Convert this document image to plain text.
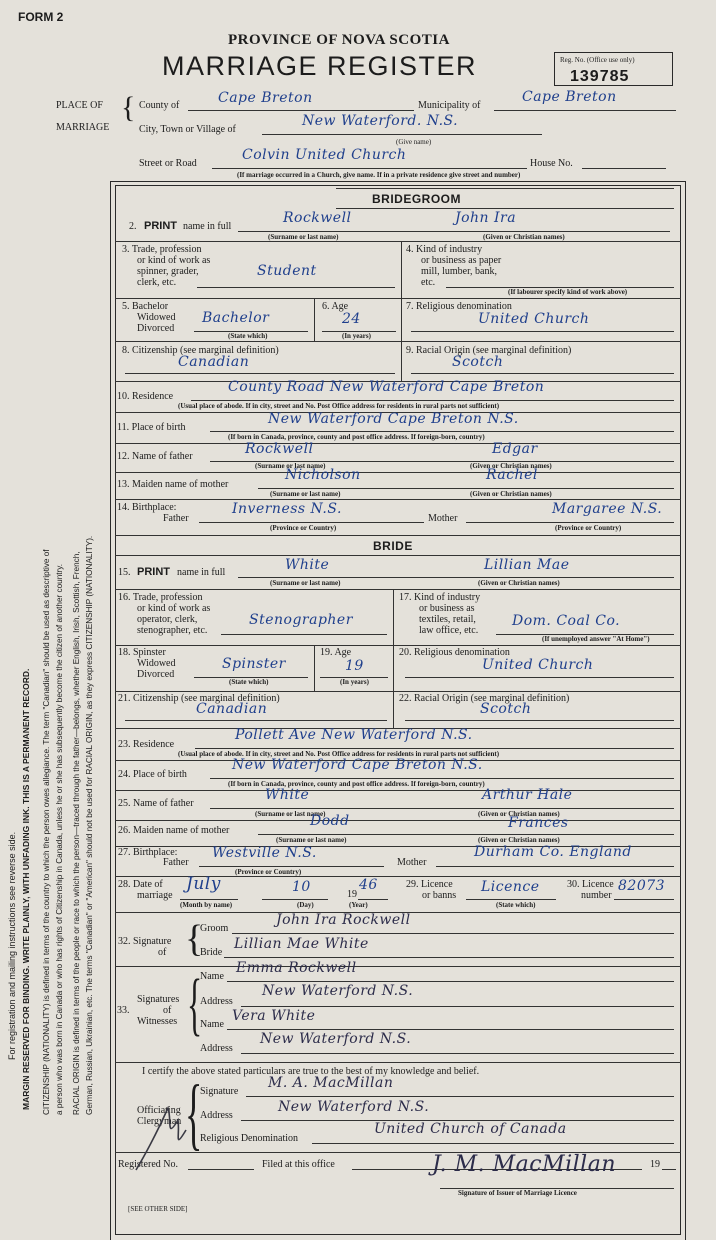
FORM 2
PROVINCE OF NOVA SCOTIA
MARRIAGE REGISTER	Reg. No. (Office use only)
139785
For registration and mailing instructions see reverse side. MARGIN RESERVED FOR BINDING. WRITE PLAINLY, WITH UNFADING INK. THIS IS A PERMANENT RECORD. CITIZENSHIP (NATIONALITY) is defined in terms of the country to which the person owes allegiance. The term "Canadian" should be used as descriptive of a person who was born in Canada or who has rights of Citizenship in Canada, unless he or she has subsequently become the citizen of another country. RACIAL ORIGIN is defined in terms of the people or race to which the person—traced through the father—belongs, whether English, Irish, Scottish, French, German, Russian, Ukrainian, etc. The terms "Canadian" or "American" should not be used for RACIAL ORIGIN, as they express CITIZENSHIP (NATIONALITY).
PLACE OF
MARRIAGE
{ County of	Cape Breton	Municipality of
Cape Breton
City, Town or Village of
New Waterford. N.S.
(Give name)
Street or Road
Colvin United Church
House No.
(If marriage occurred in a Church, give name. If in a private residence give street and number)
BRIDEGROOM
2. PRINT name in full
Rockwell	John Ira
(Surname or last name)	(Given or Christian names)
3. Trade, profession
or kind of work as
spinner, grader,
clerk, etc.
Student
4. Kind of industry
or business as paper
mill, lumber, bank,
etc.
(If labourer specify kind of work above)
5. Bachelor
Widowed
Divorced
Bachelor
(State which)
6. Age
24
(In years)
7. Religious denomination
United Church
8. Citizenship (see marginal definition)
Canadian
9. Racial Origin (see marginal definition)
Scotch
10. Residence
County Road New Waterford Cape Breton
(Usual place of abode. If in city, street and No. Post Office address for residents in rural parts not sufficient)
11. Place of birth
New Waterford Cape Breton N.S.
(If born in Canada, province, county and post office address. If foreign-born, country)
12. Name of father	Rockwell	Edgar
(Surname or last name)	(Given or Christian names)
13. Maiden name of mother
Nicholson	Rachel
(Surname or last name)	(Given or Christian names)
14. Birthplace:
Father
Inverness N.S.
Mother
Margaree N.S.
(Province or Country)	(Province or Country)
BRIDE
15. PRINT name in full	White	Lillian Mae
(Surname or last name)	(Given or Christian names)
16. Trade, profession
or kind of work as
operator, clerk,
stenographer, etc.
Stenographer
17. Kind of industry
or business as
textiles, retail,
law office, etc.
Dom. Coal Co.
(If unemployed answer "At Home")
18. Spinster
Widowed
Divorced
Spinster
(State which)
19. Age
19
(In years)
20. Religious denomination
United Church
21. Citizenship (see marginal definition)
Canadian
22. Racial Origin (see marginal definition)
Scotch
23. Residence
Pollett Ave New Waterford N.S.
(Usual place of abode. If in city, street and No. Post Office address for residents in rural parts not sufficient)
24. Place of birth
New Waterford Cape Breton N.S.
(If born in Canada, province, county and post office address. If foreign-born, country)
25. Name of father
White	Arthur Hale
(Surname or last name)	(Given or Christian names)
26. Maiden name of mother
Dodd	Frances
(Surname or last name)	(Given or Christian names)
27. Birthplace:
Father
Westville N.S.
Mother
Durham Co. England
(Province or Country)
28. Date of
marriage
July
(Month by name)
10
(Day)
19
46
(Year)
29. Licence
or banns
Licence
(State which)
30. Licence
number
82073
32. Signature
of {
Groom
John Ira Rockwell
Bride
Lillian Mae White
Signatures
of
Witnesses
33. {
Name
Emma Rockwell
Address
New Waterford N.S.
Name
Vera White
Address
New Waterford N.S.
I certify the above stated particulars are true to the best of my knowledge and belief.
Officiating
Clergyman {
Signature
M. A. MacMillan
Address
New Waterford N.S.
Religious Denomination
United Church of Canada
Registered No.	Filed at this office	19
J. M. MacMillan
Signature of Issuer of Marriage Licence
[SEE OTHER SIDE]
